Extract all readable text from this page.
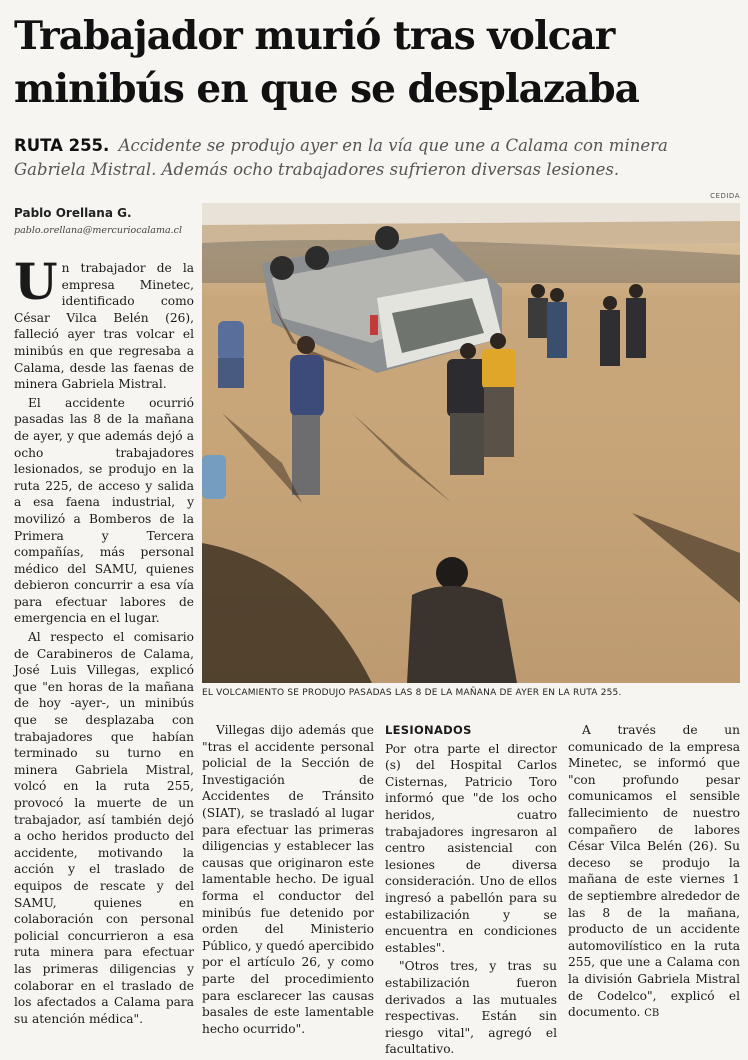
Trabajador murió tras volcar minibús en que se desplazaba

RUTA 255. Accidente se produjo ayer en la vía que une a Calama con minera Gabriela Mistral. Además ocho trabajadores sufrieron diversas lesiones.

Pablo Orellana G.
pablo.orellana@mercuriocalama.cl
CEDIDA
EL VOLCAMIENTO SE PRODUJO PASADAS LAS 8 DE LA MAÑANA DE AYER EN LA RUTA 255.

Un trabajador de la empresa Minetec, identificado como César Vilca Belén (26), falleció ayer tras volcar el minibús en que regresaba a Calama, desde las faenas de minera Gabriela Mistral.

El accidente ocurrió pasadas las 8 de la mañana de ayer, y que además dejó a ocho trabajadores lesionados, se produjo en la ruta 225, de acceso y salida a esa faena industrial, y movilizó a Bomberos de la Primera y Tercera compañías, más personal médico del SAMU, quienes debieron concurrir a esa vía para efectuar labores de emergencia en el lugar.

Al respecto el comisario de Carabineros de Calama, José Luis Villegas, explicó que "en horas de la mañana de hoy -ayer-, un minibús que se desplazaba con trabajadores que habían terminado su turno en minera Gabriela Mistral, volcó en la ruta 255, provocó la muerte de un trabajador, así también dejó a ocho heridos producto del accidente, motivando la acción y el traslado de equipos de rescate y del SAMU, quienes en colaboración con personal policial concurrieron a esa ruta minera para efectuar las primeras diligencias y colaborar en el traslado de los afectados a Calama para su atención médica".

Villegas dijo además que "tras el accidente personal policial de la Sección de Investigación de Accidentes de Tránsito (SIAT), se trasladó al lugar para efectuar las primeras diligencias y establecer las causas que originaron este lamentable hecho. De igual forma el conductor del minibús fue detenido por orden del Ministerio Público, y quedó apercibido por el artículo 26, y como parte del procedimiento para esclarecer las causas basales de este lamentable hecho ocurrido".

LESIONADOS

Por otra parte el director (s) del Hospital Carlos Cisternas, Patricio Toro informó que "de los ocho heridos, cuatro trabajadores ingresaron al centro asistencial con lesiones de diversa consideración. Uno de ellos ingresó a pabellón para su estabilización y se encuentra en condiciones estables".

"Otros tres, y tras su estabilización fueron derivados a las mutuales respectivas. Están sin riesgo vital", agregó el facultativo.

A través de un comunicado de la empresa Minetec, se informó que "con profundo pesar comunicamos el sensible fallecimiento de nuestro compañero de labores César Vilca Belén (26). Su deceso se produjo la mañana de este viernes 1 de septiembre alrededor de las 8 de la mañana, producto de un accidente automovilístico en la ruta 255, que une a Calama con la división Gabriela Mistral de Codelco", explicó el documento. CB
